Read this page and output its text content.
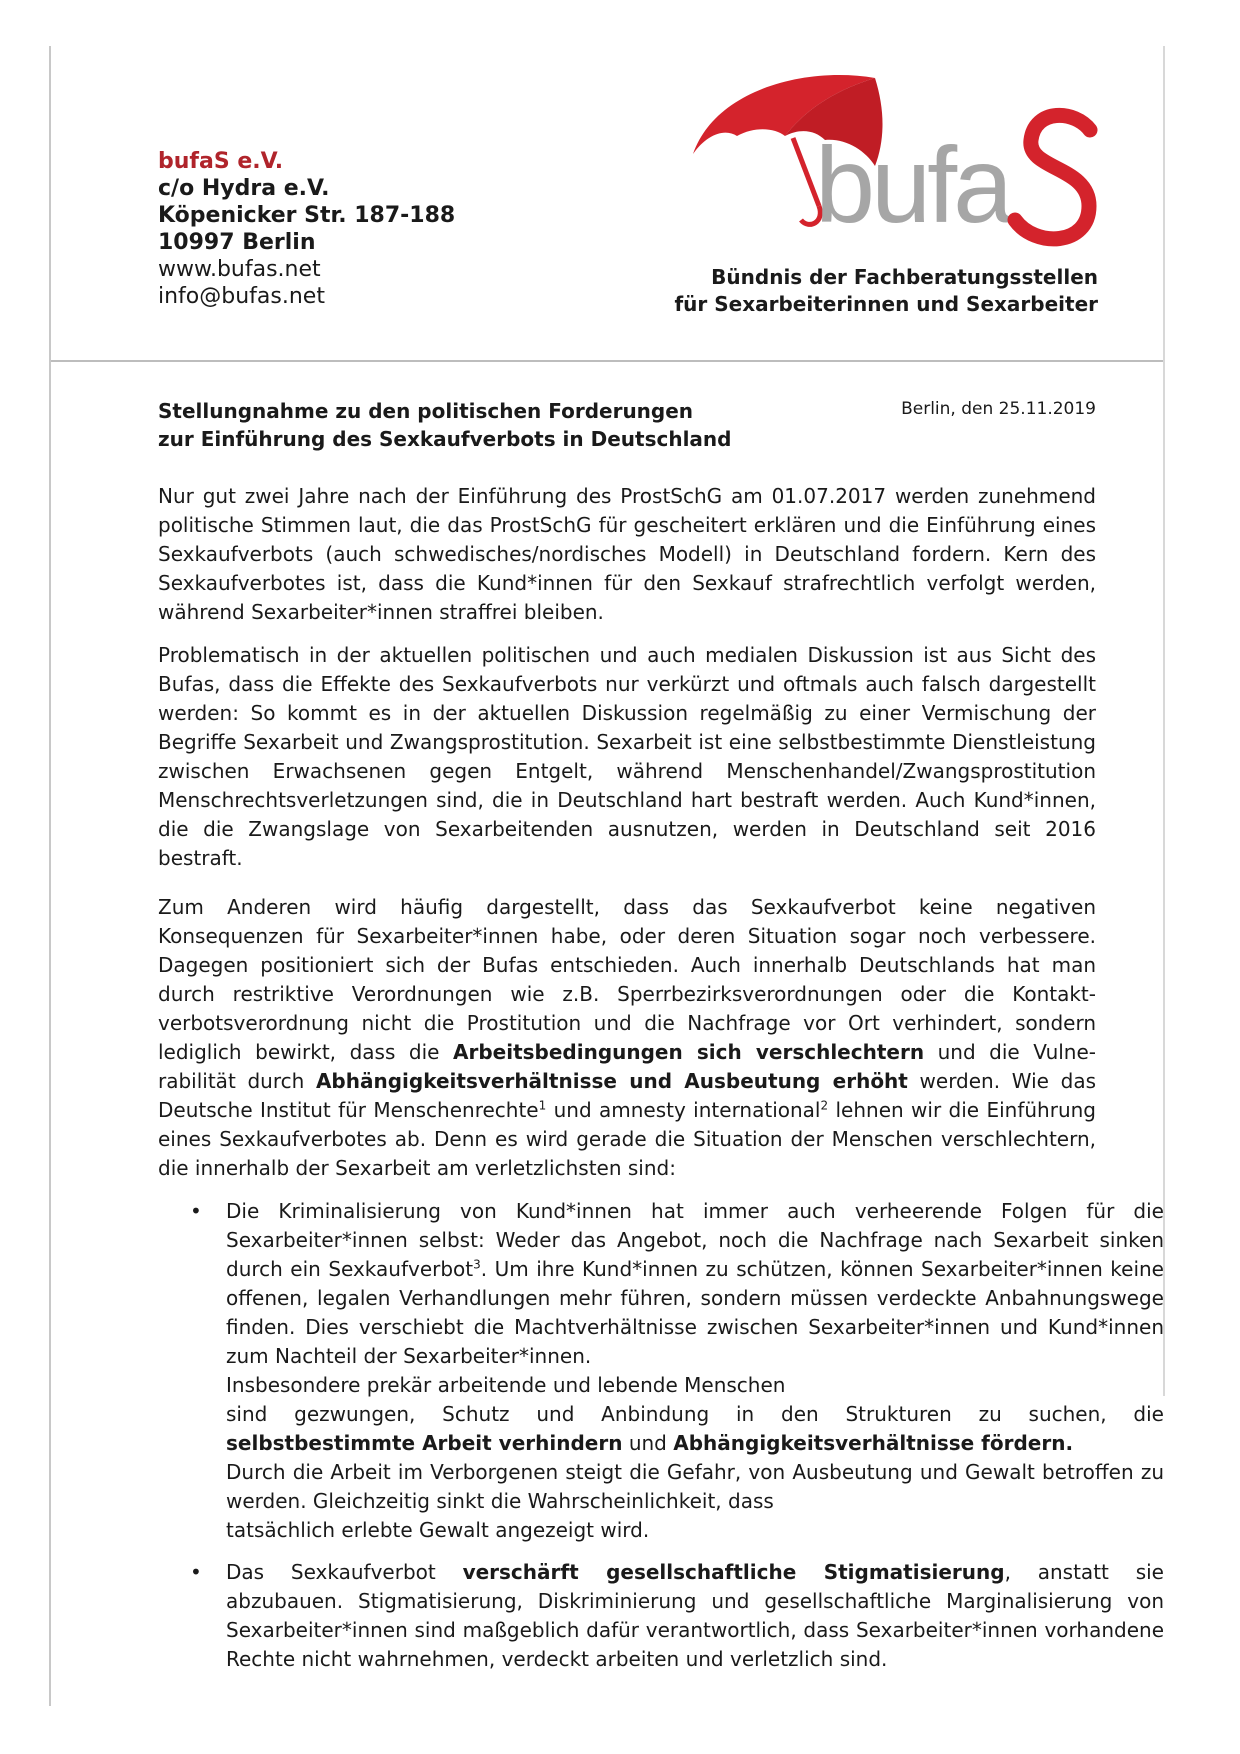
bufaS e.V.
c/o Hydra e.V.
Köpenicker Str. 187-188
10997 Berlin
www.bufas.net
info@bufas.net
bufa
Bündnis der Fachberatungsstellen
für Sexarbeiterinnen und Sexarbeiter
Stellungnahme zu den politischen Forderungen
zur Einführung des Sexkaufverbots in Deutschland
Berlin, den 25.11.2019

Nur gut zwei Jahre nach der Einführung des ProstSchG am 01.07.2017 werden zunehmend politische Stimmen laut, die das ProstSchG für gescheitert erklären und die Einführung eines Sexkaufverbots (auch schwedisches/nordisches Modell) in Deutschland fordern. Kern des Sexkaufverbotes ist, dass die Kund*innen für den Sexkauf strafrechtlich verfolgt werden, während Sexarbeiter*innen straffrei bleiben.

Problematisch in der aktuellen politischen und auch medialen Diskussion ist aus Sicht des Bufas, dass die Effekte des Sexkaufverbots nur verkürzt und oftmals auch falsch dargestellt werden: So kommt es in der aktuellen Diskussion regelmäßig zu einer Vermischung der Begriffe Sexarbeit und Zwangsprostitution. Sexarbeit ist eine selbstbestimmte Dienstleistung zwischen Erwachsenen gegen Entgelt, während Menschenhandel/Zwangsprostitution Menschrechtsverletzungen sind, die in Deutschland hart bestraft werden. Auch Kund*innen, die die Zwangslage von Sexarbeitenden ausnutzen, werden in Deutschland seit 2016 bestraft.

Zum Anderen wird häufig dargestellt, dass das Sexkaufverbot keine negativen Konsequenzen für Sexarbeiter*innen habe, oder deren Situation sogar noch verbessere. Dagegen positioniert sich der Bufas entschieden. Auch innerhalb Deutschlands hat man durch restriktive Verordnungen wie z.B. Sperrbezirksverordnungen oder die Kontaktverbotsverordnung nicht die Prostitution und die Nachfrage vor Ort verhindert, sondern lediglich bewirkt, dass die Arbeitsbedingungen sich verschlechtern und die Vulnerabilität durch Abhängigkeitsverhältnisse und Ausbeutung erhöht werden. Wie das Deutsche Institut für Menschenrechte$^1$ und amnesty international$^2$ lehnen wir die Einführung eines Sexkaufverbotes ab. Denn es wird gerade die Situation der Menschen verschlechtern, die innerhalb der Sexarbeit am verletzlichsten sind:

• Die Kriminalisierung von Kund*innen hat immer auch verheerende Folgen für die Sexarbeiter*innen selbst: Weder das Angebot, noch die Nachfrage nach Sexarbeit sinken durch ein Sexkaufverbot$^3$. Um ihre Kund*innen zu schützen, können Sexarbeiter*innen keine offenen, legalen Verhandlungen mehr führen, sondern müssen verdeckte Anbahnungswege finden. Dies verschiebt die Machtverhältnisse zwischen Sexarbeiter*innen und Kund*innen zum Nachteil der Sexarbeiter*innen.
Insbesondere prekär arbeitende und lebende Menschen
sind gezwungen, Schutz und Anbindung in den Strukturen zu suchen, die
selbstbestimmte Arbeit verhindern und Abhängigkeitsverhältnisse fördern.
Durch die Arbeit im Verborgenen steigt die Gefahr, von Ausbeutung und Gewalt betroffen zu werden. Gleichzeitig sinkt die Wahrscheinlichkeit, dass
tatsächlich erlebte Gewalt angezeigt wird.
• Das Sexkaufverbot verschärft gesellschaftliche Stigmatisierung, anstatt sie abzubauen. Stigmatisierung, Diskriminierung und gesellschaftliche Marginalisierung von Sexarbeiter*innen sind maßgeblich dafür verantwortlich, dass Sexarbeiter*innen vorhandene Rechte nicht wahrnehmen, verdeckt arbeiten und verletzlich sind.
